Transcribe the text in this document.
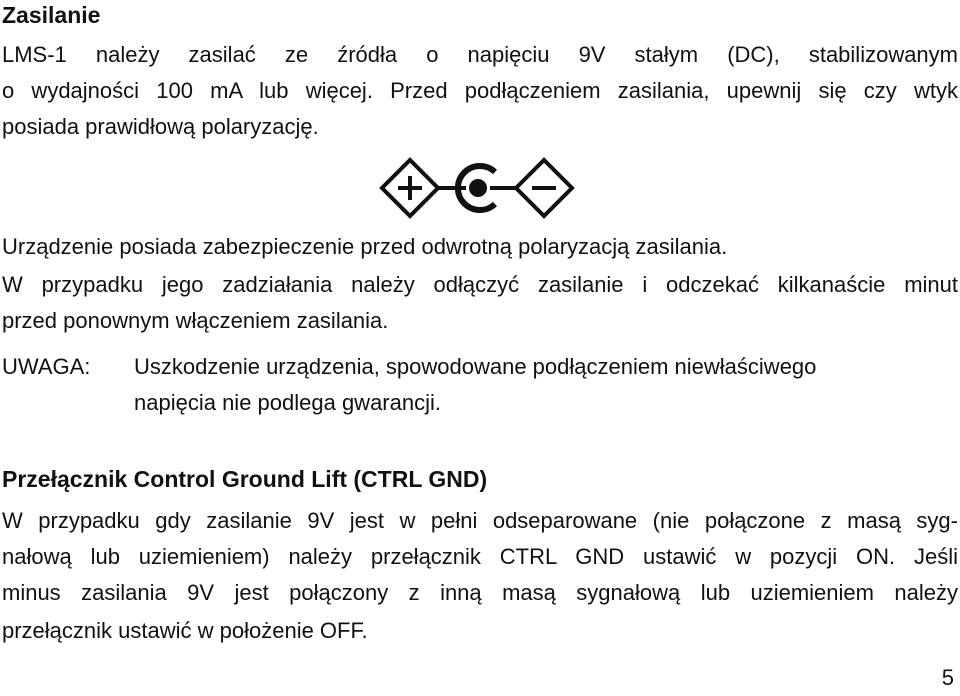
Zasilanie
LMS-1 należy zasilać ze źródła o napięciu 9V stałym (DC), stabilizowanym
o wydajności 100 mA lub więcej. Przed podłączeniem zasilania, upewnij się czy wtyk
posiada prawidłową polaryzację.
Urządzenie posiada zabezpieczenie przed odwrotną polaryzacją zasilania.
W przypadku jego zadziałania należy odłączyć zasilanie i odczekać kilkanaście minut
przed ponownym włączeniem zasilania.
UWAGA: Uszkodzenie urządzenia, spowodowane podłączeniem niewłaściwego
napięcia nie podlega gwarancji.
Przełącznik Control Ground Lift (CTRL GND)
W przypadku gdy zasilanie 9V jest w pełni odseparowane (nie połączone z masą syg-
nałową lub uziemieniem) należy przełącznik CTRL GND ustawić w pozycji ON. Jeśli
minus zasilania 9V jest połączony z inną masą sygnałową lub uziemieniem należy
przełącznik ustawić w położenie OFF.
5
